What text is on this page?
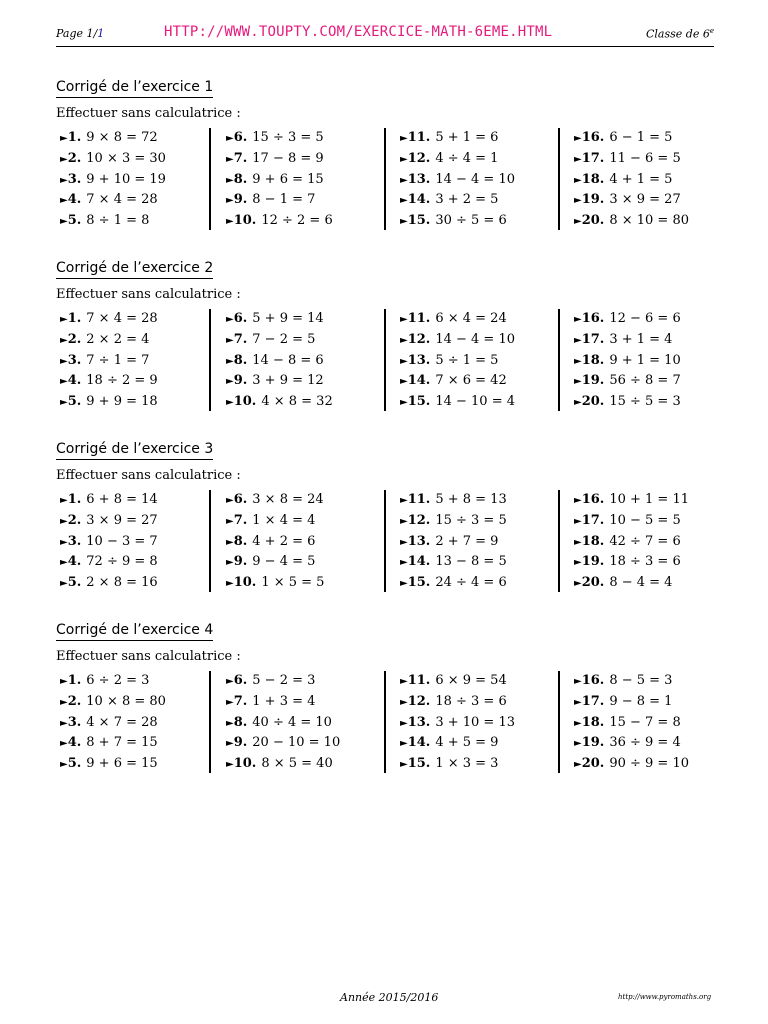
Page 1/1	HTTP://WWW.TOUPTY.COM/EXERCICE-MATH-6EME.HTML	Classe de 6e
Corrigé de l’exercice 1
Effectuer sans calculatrice :
►1. 9 × 8 = 72
►2. 10 × 3 = 30
►3. 9 + 10 = 19
►4. 7 × 4 = 28
►5. 8 ÷ 1 = 8
►6. 15 ÷ 3 = 5
►7. 17 − 8 = 9
►8. 9 + 6 = 15
►9. 8 − 1 = 7
►10. 12 ÷ 2 = 6
►11. 5 + 1 = 6
►12. 4 ÷ 4 = 1
►13. 14 − 4 = 10
►14. 3 + 2 = 5
►15. 30 ÷ 5 = 6
►16. 6 − 1 = 5
►17. 11 − 6 = 5
►18. 4 + 1 = 5
►19. 3 × 9 = 27
►20. 8 × 10 = 80
Corrigé de l’exercice 2
Effectuer sans calculatrice :
►1. 7 × 4 = 28
►2. 2 × 2 = 4
►3. 7 ÷ 1 = 7
►4. 18 ÷ 2 = 9
►5. 9 + 9 = 18
►6. 5 + 9 = 14
►7. 7 − 2 = 5
►8. 14 − 8 = 6
►9. 3 + 9 = 12
►10. 4 × 8 = 32
►11. 6 × 4 = 24
►12. 14 − 4 = 10
►13. 5 ÷ 1 = 5
►14. 7 × 6 = 42
►15. 14 − 10 = 4
►16. 12 − 6 = 6
►17. 3 + 1 = 4
►18. 9 + 1 = 10
►19. 56 ÷ 8 = 7
►20. 15 ÷ 5 = 3
Corrigé de l’exercice 3
Effectuer sans calculatrice :
►1. 6 + 8 = 14
►2. 3 × 9 = 27
►3. 10 − 3 = 7
►4. 72 ÷ 9 = 8
►5. 2 × 8 = 16
►6. 3 × 8 = 24
►7. 1 × 4 = 4
►8. 4 + 2 = 6
►9. 9 − 4 = 5
►10. 1 × 5 = 5
►11. 5 + 8 = 13
►12. 15 ÷ 3 = 5
►13. 2 + 7 = 9
►14. 13 − 8 = 5
►15. 24 ÷ 4 = 6
►16. 10 + 1 = 11
►17. 10 − 5 = 5
►18. 42 ÷ 7 = 6
►19. 18 ÷ 3 = 6
►20. 8 − 4 = 4
Corrigé de l’exercice 4
Effectuer sans calculatrice :
►1. 6 ÷ 2 = 3
►2. 10 × 8 = 80
►3. 4 × 7 = 28
►4. 8 + 7 = 15
►5. 9 + 6 = 15
►6. 5 − 2 = 3
►7. 1 + 3 = 4
►8. 40 ÷ 4 = 10
►9. 20 − 10 = 10
►10. 8 × 5 = 40
►11. 6 × 9 = 54
►12. 18 ÷ 3 = 6
►13. 3 + 10 = 13
►14. 4 + 5 = 9
►15. 1 × 3 = 3
►16. 8 − 5 = 3
►17. 9 − 8 = 1
►18. 15 − 7 = 8
►19. 36 ÷ 9 = 4
►20. 90 ÷ 9 = 10
Année 2015/2016	http://www.pyromaths.org
